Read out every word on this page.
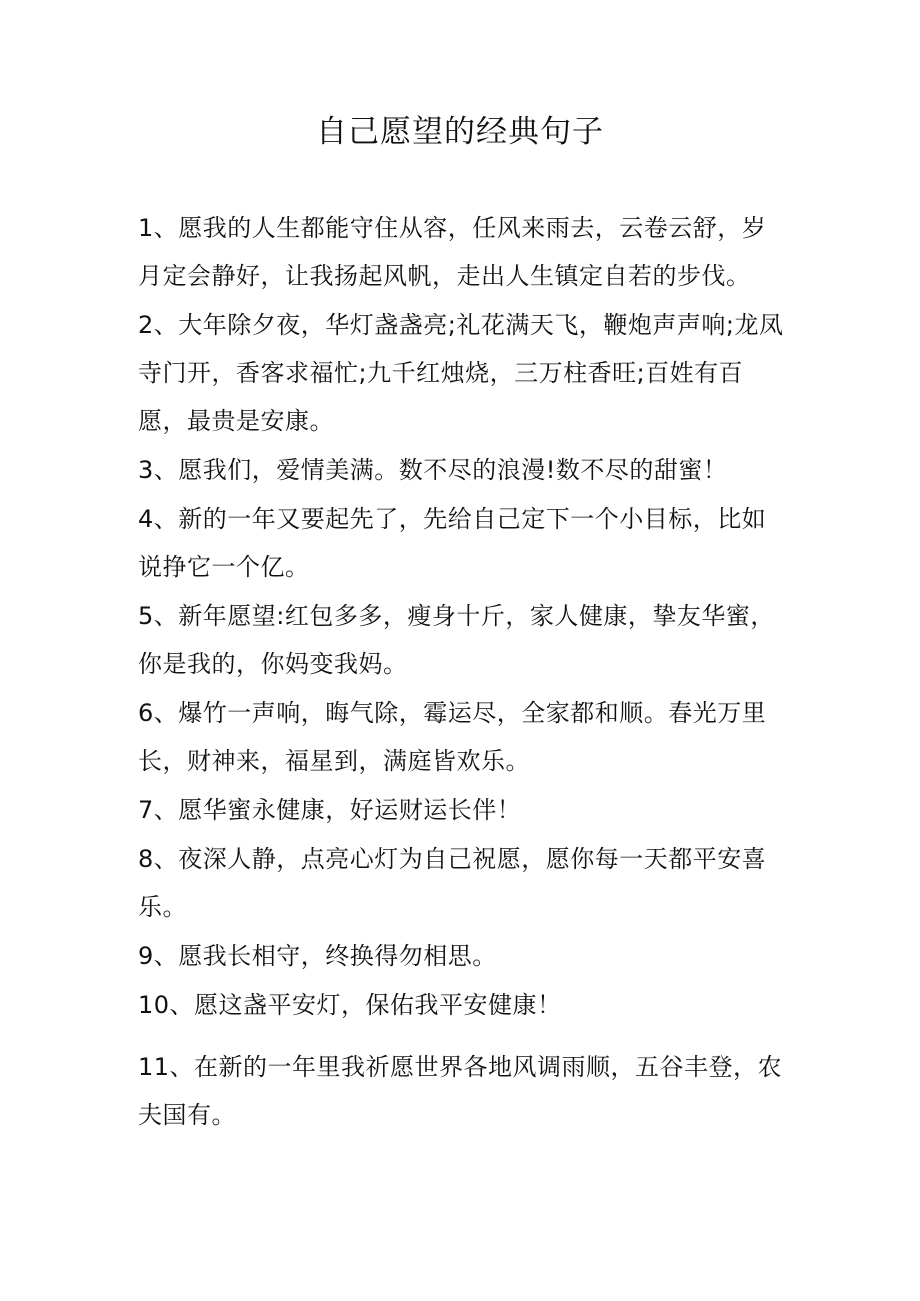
自己愿望的经典句子

1、愿我的人生都能守住从容，任风来雨去，云卷云舒，岁月定会静好，让我扬起风帆，走出人生镇定自若的步伐。

2、大年除夕夜，华灯盏盏亮;礼花满天飞，鞭炮声声响;龙凤寺门开，香客求福忙;九千红烛烧，三万柱香旺;百姓有百愿，最贵是安康。

3、愿我们，爱情美满。数不尽的浪漫!数不尽的甜蜜！

4、新的一年又要起先了，先给自己定下一个小目标，比如说挣它一个亿。

5、新年愿望:红包多多，瘦身十斤，家人健康，挚友华蜜，你是我的，你妈变我妈。

6、爆竹一声响，晦气除，霉运尽，全家都和顺。春光万里长，财神来，福星到，满庭皆欢乐。

7、愿华蜜永健康，好运财运长伴！

8、夜深人静，点亮心灯为自己祝愿，愿你每一天都平安喜乐。

9、愿我长相守，终换得勿相思。

10、愿这盏平安灯，保佑我平安健康！

11、在新的一年里我祈愿世界各地风调雨顺，五谷丰登，农夫国有。
